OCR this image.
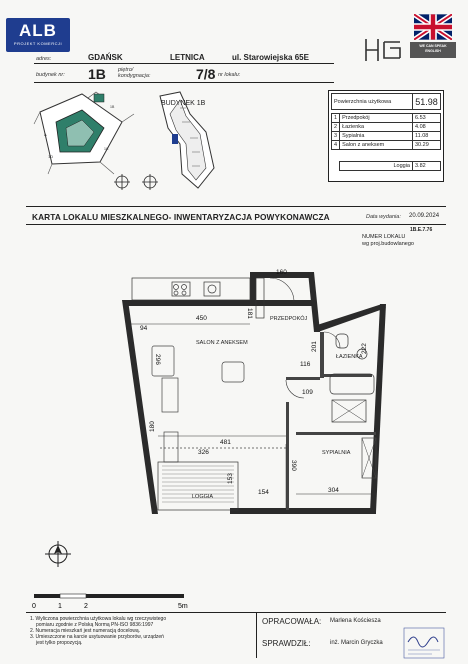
ALB
PROJEKT KOMERCJI	WE CAN SPEAK
ENGLISH
adres:	GDAŃSK	LETNICA	ul. Starowiejska 65E
budynek nr: 1B piętro/ kondygnacja:	7/8 nr lokalu:
A
1D
1C
1B	BUDYNEK 1B	Powierzchnia użytkowa		51.98

1	Przedpokój	6.53
2	Łazienka	4.08
3	Sypialnia	11.08
4	Salon z aneksem	30.29

	Loggia	3.82
KARTA LOKALU MIESZKALNEGO- INWENTARYZACJA POWYKONAWCZA	Data wydania: 20.09.2024
1B.E.7.76
NUMER LOKALU
wg proj.budowlanego
PRZEDPOKÓJ
SALON Z ANEKSEM
ŁAZIENKA
SYPIALNIA
LOGGIA
450
160
181
94
296
201	222
116
109
180
481
326
390
153
154	304
0	1	2	5m
1. Wyliczona powierzchnia użytkowa lokalu wg rzeczywistego
pomiaru zgodnie z Polską Normą PN-ISO 9836:1997
2. Numeracja mieszkań jest numeracją docelową.
3. Umieszczone na karcie usytuowanie przyborów, urządzeń
jest tylko propozycją.
OPRACOWAŁA: Marlena Kościesza
SPRAWDZIŁ:	inż. Marcin Gryczka
